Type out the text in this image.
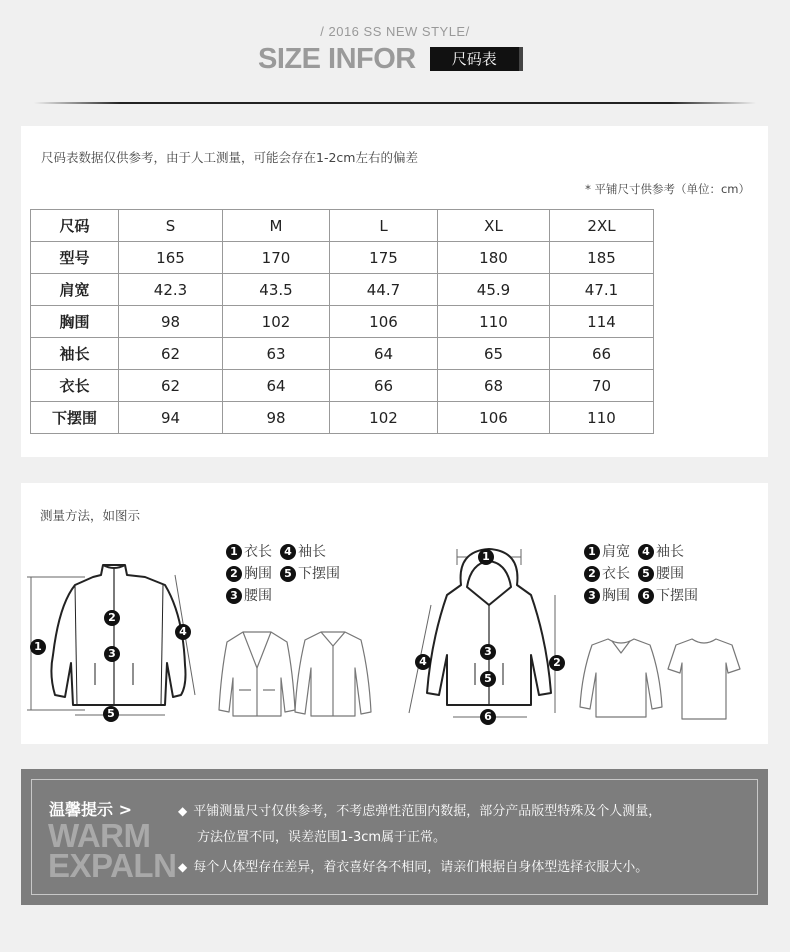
/ 2016 SS NEW STYLE/
SIZE INFOR	尺码表
尺码表数据仅供参考，由于人工测量，可能会存在1-2cm左右的偏差
* 平铺尺寸供参考（单位：cm）
尺码	S	M	L	XL	2XL
型号	165	170	175	180	185
肩宽	42.3	43.5	44.7	45.9	47.1
胸围	98	102	106	110	114
袖长	62	63	64	65	66
衣长	62	64	66	68	70
下摆围	94	98	102	106	110
测量方法，如图示
1
2
3
4
5
1 衣长	4 袖长
2 胸围	5 下摆围
3 腰围
1
2
3
4
5
6
1 肩宽	4 袖长
2 衣长	5 腰围
3 胸围	6 下摆围
温馨提示 >
WARM
EXPALN
◆ 平铺测量尺寸仅供参考，不考虑弹性范围内数据，部分产品版型特殊及个人测量，
方法位置不同，误差范围1-3cm属于正常。
◆ 每个人体型存在差异，着衣喜好各不相同，请亲们根据自身体型选择衣服大小。
